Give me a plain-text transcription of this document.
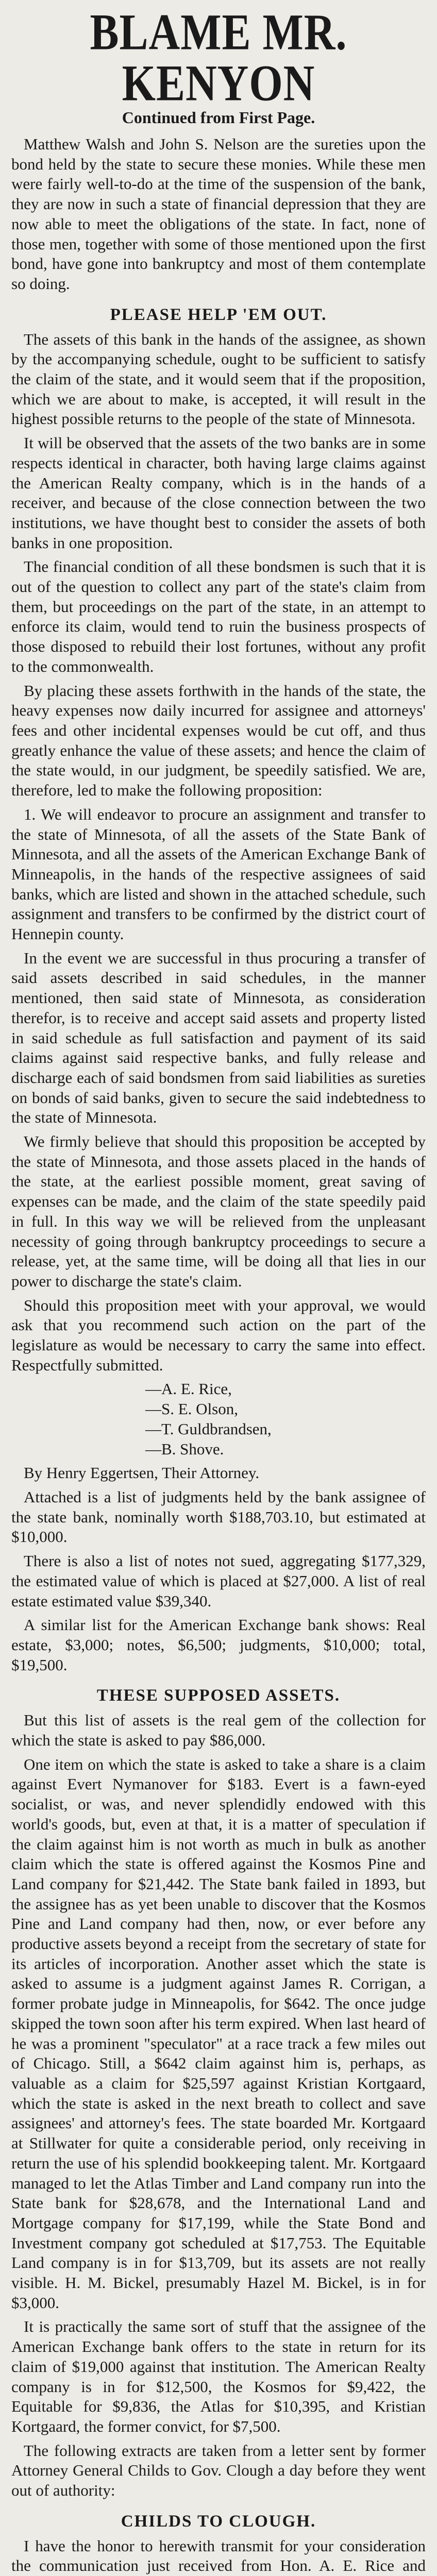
BLAME MR. KENYON
Continued from First Page.

Matthew Walsh and John S. Nelson are the sureties upon the bond held by the state to secure these monies. While these men were fairly well-to-do at the time of the suspension of the bank, they are now in such a state of financial depression that they are now able to meet the obligations of the state. In fact, none of those men, together with some of those mentioned upon the first bond, have gone into bankruptcy and most of them contemplate so doing.

PLEASE HELP 'EM OUT.

The assets of this bank in the hands of the assignee, as shown by the accompanying schedule, ought to be sufficient to satisfy the claim of the state, and it would seem that if the proposition, which we are about to make, is accepted, it will result in the highest possible returns to the people of the state of Minnesota.

It will be observed that the assets of the two banks are in some respects identical in character, both having large claims against the American Realty company, which is in the hands of a receiver, and because of the close connection between the two institutions, we have thought best to consider the assets of both banks in one proposition.

The financial condition of all these bondsmen is such that it is out of the question to collect any part of the state's claim from them, but proceedings on the part of the state, in an attempt to enforce its claim, would tend to ruin the business prospects of those disposed to rebuild their lost fortunes, without any profit to the commonwealth.

By placing these assets forthwith in the hands of the state, the heavy expenses now daily incurred for assignee and attorneys' fees and other incidental expenses would be cut off, and thus greatly enhance the value of these assets; and hence the claim of the state would, in our judgment, be speedily satisfied. We are, therefore, led to make the following proposition:

1. We will endeavor to procure an assignment and transfer to the state of Minnesota, of all the assets of the State Bank of Minnesota, and all the assets of the American Exchange Bank of Minneapolis, in the hands of the respective assignees of said banks, which are listed and shown in the attached schedule, such assignment and transfers to be confirmed by the district court of Hennepin county.

In the event we are successful in thus procuring a transfer of said assets described in said schedules, in the manner mentioned, then said state of Minnesota, as consideration therefor, is to receive and accept said assets and property listed in said schedule as full satisfaction and payment of its said claims against said respective banks, and fully release and discharge each of said bondsmen from said liabilities as sureties on bonds of said banks, given to secure the said indebtedness to the state of Minnesota.

We firmly believe that should this proposition be accepted by the state of Minnesota, and those assets placed in the hands of the state, at the earliest possible moment, great saving of expenses can be made, and the claim of the state speedily paid in full. In this way we will be relieved from the unpleasant necessity of going through bankruptcy proceedings to secure a release, yet, at the same time, will be doing all that lies in our power to discharge the state's claim.

Should this proposition meet with your approval, we would ask that you recommend such action on the part of the legislature as would be necessary to carry the same into effect. Respectfully submitted.

—A. E. Rice,
—S. E. Olson,
—T. Guldbrandsen,
—B. Shove.

By Henry Eggertsen, Their Attorney.

Attached is a list of judgments held by the bank assignee of the state bank, nominally worth $188,703.10, but estimated at $10,000.

There is also a list of notes not sued, aggregating $177,329, the estimated value of which is placed at $27,000. A list of real estate estimated value $39,340.

A similar list for the American Exchange bank shows: Real estate, $3,000; notes, $6,500; judgments, $10,000; total, $19,500.

THESE SUPPOSED ASSETS.

But this list of assets is the real gem of the collection for which the state is asked to pay $86,000.

One item on which the state is asked to take a share is a claim against Evert Nymanover for $183. Evert is a fawn-eyed socialist, or was, and never splendidly endowed with this world's goods, but, even at that, it is a matter of speculation if the claim against him is not worth as much in bulk as another claim which the state is offered against the Kosmos Pine and Land company for $21,442. The State bank failed in 1893, but the assignee has as yet been unable to discover that the Kosmos Pine and Land company had then, now, or ever before any productive assets beyond a receipt from the secretary of state for its articles of incorporation. Another asset which the state is asked to assume is a judgment against James R. Corrigan, a former probate judge in Minneapolis, for $642. The once judge skipped the town soon after his term expired. When last heard of he was a prominent "speculator" at a race track a few miles out of Chicago. Still, a $642 claim against him is, perhaps, as valuable as a claim for $25,597 against Kristian Kortgaard, which the state is asked in the next breath to collect and save assignees' and attorney's fees. The state boarded Mr. Kortgaard at Stillwater for quite a considerable period, only receiving in return the use of his splendid bookkeeping talent. Mr. Kortgaard managed to let the Atlas Timber and Land company run into the State bank for $28,678, and the International Land and Mortgage company for $17,199, while the State Bond and Investment company got scheduled at $17,753. The Equitable Land company is in for $13,709, but its assets are not really visible. H. M. Bickel, presumably Hazel M. Bickel, is in for $3,000.

It is practically the same sort of stuff that the assignee of the American Exchange bank offers to the state in return for its claim of $19,000 against that institution. The American Realty company is in for $12,500, the Kosmos for $9,422, the Equitable for $9,836, the Atlas for $10,395, and Kristian Kortgaard, the former convict, for $7,500.

The following extracts are taken from a letter sent by former Attorney General Childs to Gov. Clough a day before they went out of authority:

CHILDS TO CLOUGH.

I have the honor to herewith transmit for your consideration the communication just received from Hon. A. E. Rice and
